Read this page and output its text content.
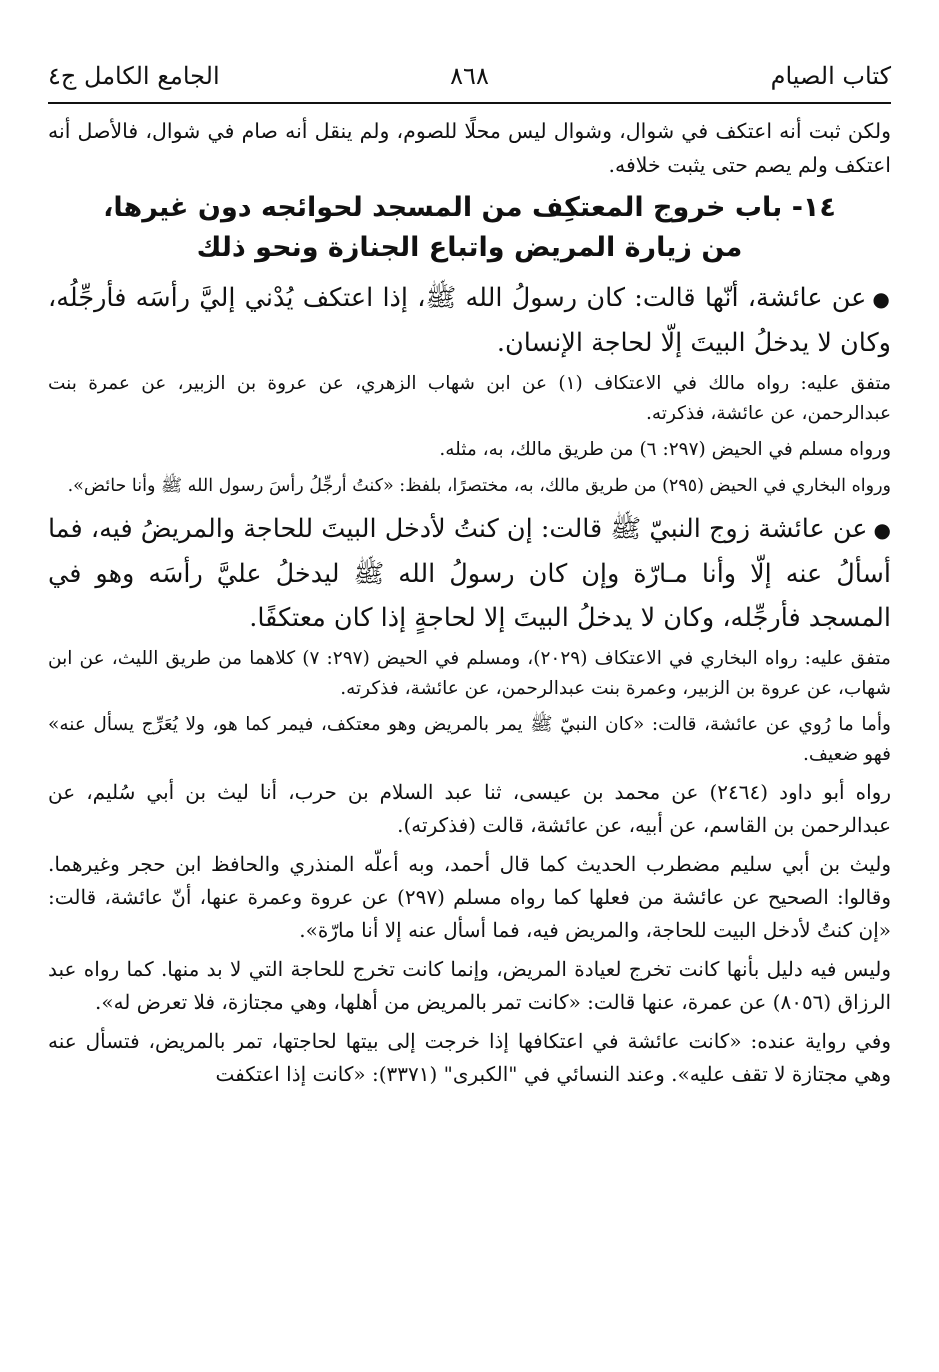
كتاب الصيام
٨٦٨
الجامع الكامل ج٤

ولكن ثبت أنه اعتكف في شوال، وشوال ليس محلًا للصوم، ولم ينقل أنه صام في شوال، فالأصل أنه اعتكف ولم يصم حتى يثبت خلافه.

١٤- باب خروج المعتكِف من المسجد لحوائجه دون غيرها،
من زيارة المريض واتباع الجنازة ونحو ذلك

●عن عائشة، أنّها قالت: كان رسولُ الله ﷺ، إذا اعتكف يُدْني إليَّ رأسَه فأرجِّلُه، وكان لا يدخلُ البيتَ إلّا لحاجة الإنسان.

متفق عليه: رواه مالك في الاعتكاف (١) عن ابن شهاب الزهري، عن عروة بن الزبير، عن عمرة بنت عبدالرحمن، عن عائشة، فذكرته.

ورواه مسلم في الحيض (٢٩٧: ٦) من طريق مالك، به، مثله.

ورواه البخاري في الحيض (٢٩٥) من طريق مالك، به، مختصرًا، بلفظ: «كنتُ أرجِّلُ رأسَ رسول الله ﷺ وأنا حائض».

●عن عائشة زوج النبيّ ﷺ قالت: إن كنتُ لأدخل البيتَ للحاجة والمريضُ فيه، فما أسألُ عنه إلّا وأنا مـارّة وإن كان رسولُ الله ﷺ ليدخلُ عليَّ رأسَه وهو في المسجد فأرجِّله، وكان لا يدخلُ البيتَ إلا لحاجةٍ إذا كان معتكفًا.

متفق عليه: رواه البخاري في الاعتكاف (٢٠٢٩)، ومسلم في الحيض (٢٩٧: ٧) كلاهما من طريق الليث، عن ابن شهاب، عن عروة بن الزبير، وعمرة بنت عبدالرحمن، عن عائشة، فذكرته.

وأما ما رُوي عن عائشة، قالت: «كان النبيّ ﷺ يمر بالمريض وهو معتكف، فيمر كما هو، ولا يُعَرِّج يسأل عنه» فهو ضعيف.

رواه أبو داود (٢٤٦٤) عن محمد بن عيسى، ثنا عبد السلام بن حرب، أنا ليث بن أبي سُليم، عن عبدالرحمن بن القاسم، عن أبيه، عن عائشة، قالت (فذكرته).

وليث بن أبي سليم مضطرب الحديث كما قال أحمد، وبه أعلّه المنذري والحافظ ابن حجر وغيرهما. وقالوا: الصحيح عن عائشة من فعلها كما رواه مسلم (٢٩٧) عن عروة وعمرة عنها، أنّ عائشة، قالت: «إن كنتُ لأدخل البيت للحاجة، والمريض فيه، فما أسأل عنه إلا أنا مارّة».

وليس فيه دليل بأنها كانت تخرج لعيادة المريض، وإنما كانت تخرج للحاجة التي لا بد منها. كما رواه عبد الرزاق (٨٠٥٦) عن عمرة، عنها قالت: «كانت تمر بالمريض من أهلها، وهي مجتازة، فلا تعرض له».

وفي رواية عنده: «كانت عائشة في اعتكافها إذا خرجت إلى بيتها لحاجتها، تمر بالمريض، فتسأل عنه وهي مجتازة لا تقف عليه». وعند النسائي في "الكبرى" (٣٣٧١): «كانت إذا اعتكفت
